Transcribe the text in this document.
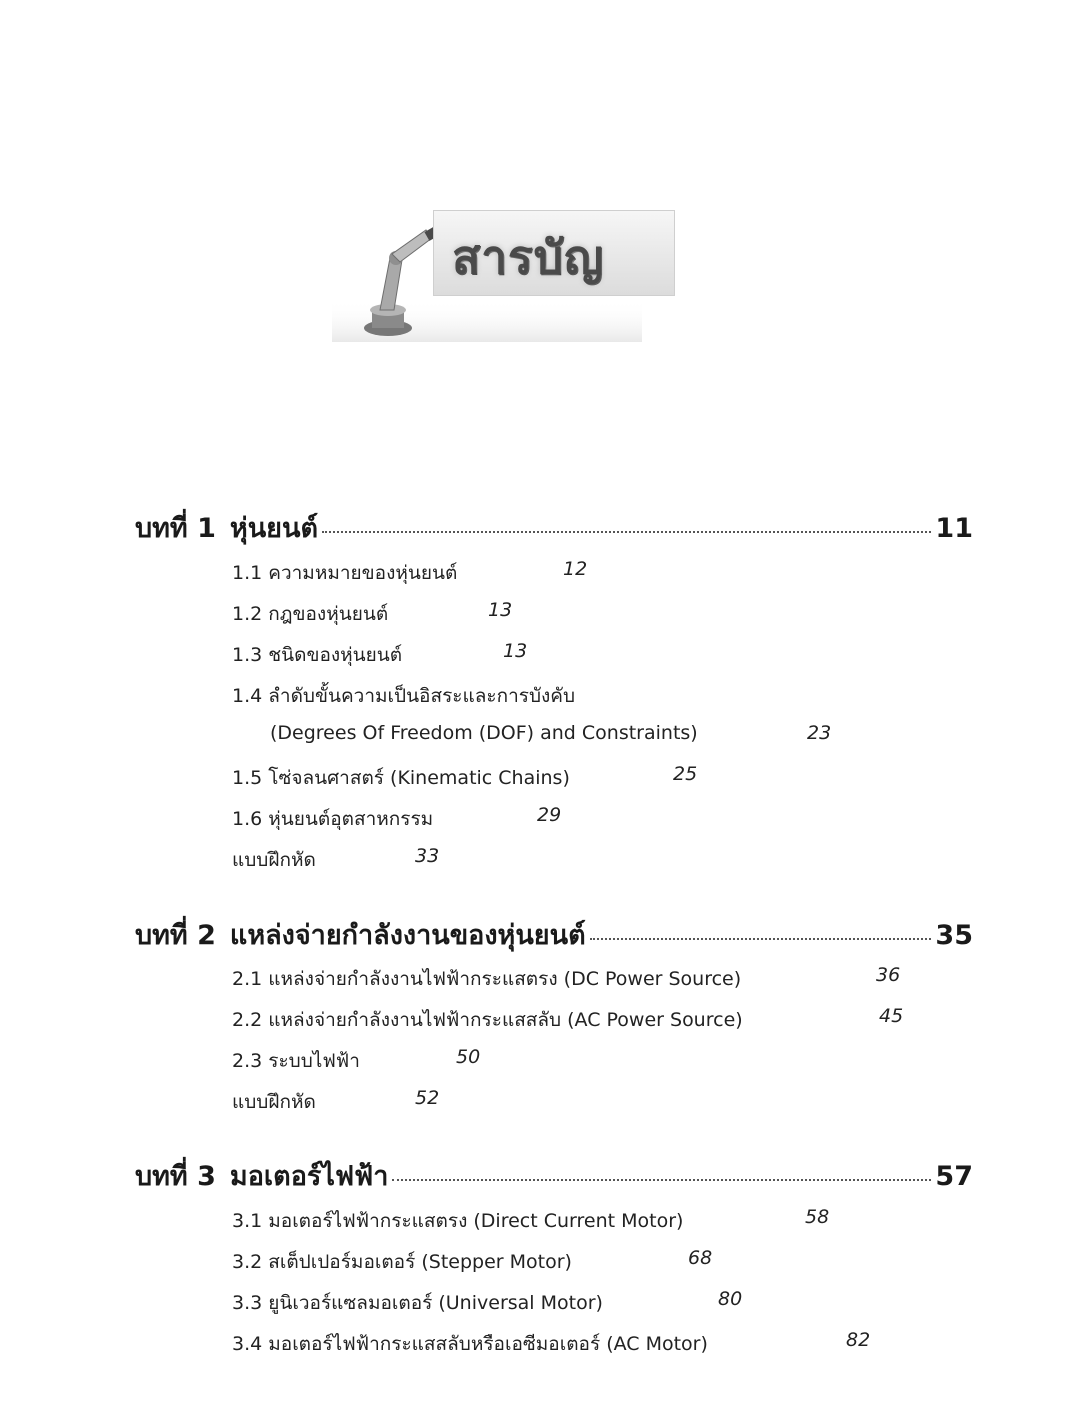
สารบัญ
บทที่ 1 หุ่นยนต์	11
1.1 ความหมายของหุ่นยนต์	12
1.2 กฎของหุ่นยนต์	13
1.3 ชนิดของหุ่นยนต์	13
1.4 ลำดับขั้นความเป็นอิสระและการบังคับ
(Degrees Of Freedom (DOF) and Constraints)	23
1.5 โซ่จลนศาสตร์ (Kinematic Chains)	25
1.6 หุ่นยนต์อุตสาหกรรม	29
แบบฝึกหัด	33
บทที่ 2 แหล่งจ่ายกำลังงานของหุ่นยนต์	35
2.1 แหล่งจ่ายกำลังงานไฟฟ้ากระแสตรง (DC Power Source)	36
2.2 แหล่งจ่ายกำลังงานไฟฟ้ากระแสสลับ (AC Power Source)	45
2.3 ระบบไฟฟ้า	50
แบบฝึกหัด	52
บทที่ 3 มอเตอร์ไฟฟ้า	57
3.1 มอเตอร์ไฟฟ้ากระแสตรง (Direct Current Motor)	58
3.2 สเต็ปเปอร์มอเตอร์ (Stepper Motor)	68
3.3 ยูนิเวอร์แซลมอเตอร์ (Universal Motor)	80
3.4 มอเตอร์ไฟฟ้ากระแสสลับหรือเอซีมอเตอร์ (AC Motor)	82
